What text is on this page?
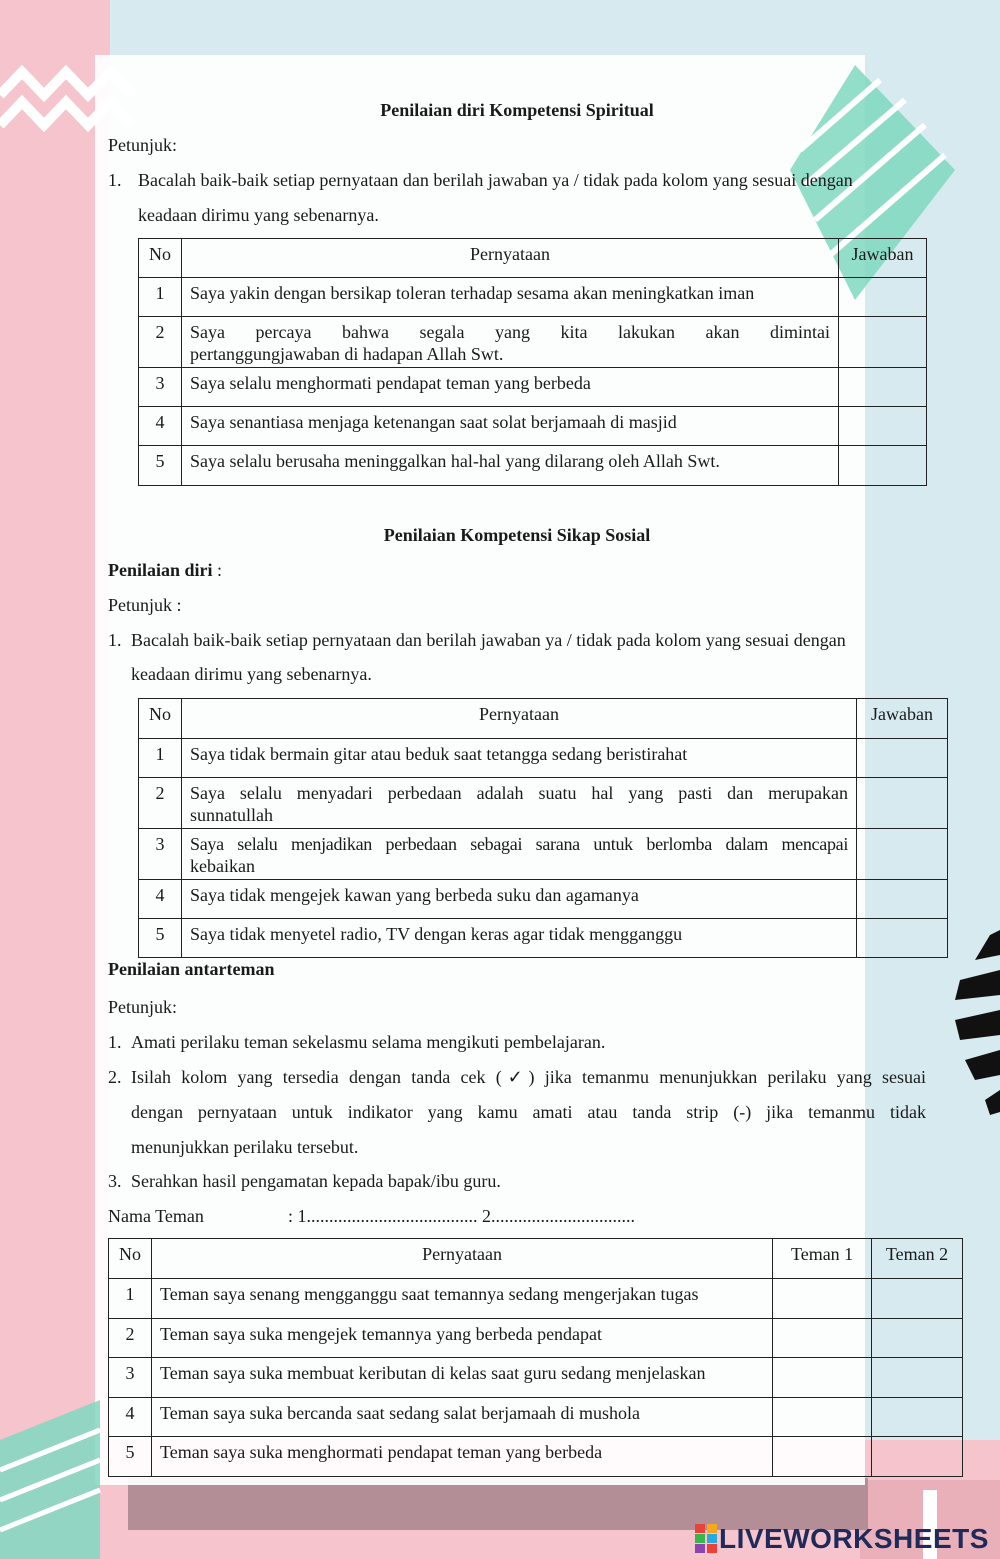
Penilaian diri Kompetensi Spiritual
Petunjuk:
1. Bacalah baik-baik setiap pernyataan dan berilah jawaban ya / tidak pada kolom yang sesuai dengan
keadaan dirimu yang sebenarnya.
No	Pernyataan	Jawaban
1	Saya yakin dengan bersikap toleran terhadap sesama akan meningkatkan iman	
2	Saya percaya bahwa segala yang kita lakukan akan dimintai
pertanggungjawaban di hadapan Allah Swt.	

3	Saya selalu menghormati pendapat teman yang berbeda	
4	Saya senantiasa menjaga ketenangan saat solat berjamaah di masjid	
5	Saya selalu berusaha meninggalkan hal-hal yang dilarang oleh Allah Swt.	
Penilaian Kompetensi Sikap Sosial
Penilaian diri :
Petunjuk :
1. Bacalah baik-baik setiap pernyataan dan berilah jawaban ya / tidak pada kolom yang sesuai dengan
keadaan dirimu yang sebenarnya.
No	Pernyataan	Jawaban
1	Saya tidak bermain gitar atau beduk saat tetangga sedang beristirahat	
2	Saya selalu menyadari perbedaan adalah suatu hal yang pasti dan merupakan
sunnatullah	

3	Saya selalu menjadikan perbedaan sebagai sarana untuk berlomba dalam mencapai
kebaikan	

4	Saya tidak mengejek kawan yang berbeda suku dan agamanya	
5	Saya tidak menyetel radio, TV dengan keras agar tidak mengganggu	
Penilaian antarteman
Petunjuk:
1. Amati perilaku teman sekelasmu selama mengikuti pembelajaran.
2. Isilah kolom yang tersedia dengan tanda cek (✓) jika temanmu menunjukkan perilaku yang sesuai
dengan pernyataan untuk indikator yang kamu amati atau tanda strip (-) jika temanmu tidak
menunjukkan perilaku tersebut.
3. Serahkan hasil pengamatan kepada bapak/ibu guru.
Nama Teman	: 1...................................... 2................................
No	Pernyataan	Teman 1	Teman 2
1	Teman saya senang mengganggu saat temannya sedang mengerjakan tugas		
2	Teman saya suka mengejek temannya yang berbeda pendapat		
3	Teman saya suka membuat keributan di kelas saat guru sedang menjelaskan		
4	Teman saya suka bercanda saat sedang salat berjamaah di mushola		
5	Teman saya suka menghormati pendapat teman yang berbeda		
LIVEWORKSHEETS
